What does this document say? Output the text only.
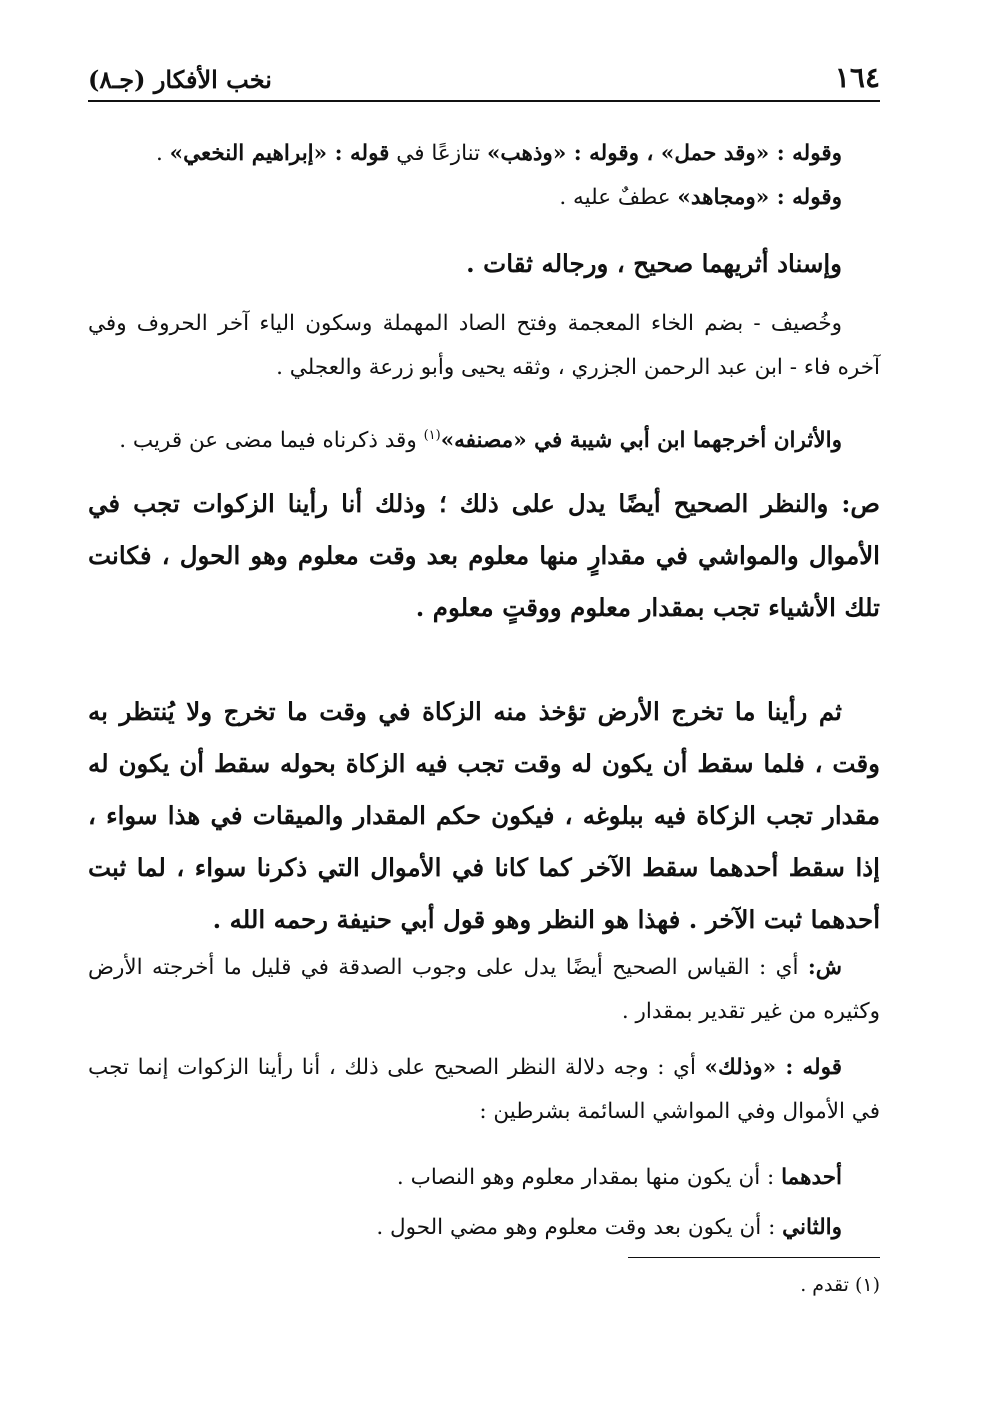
١٦٤
نخب الأفكار (جـ٨)

وقوله : «وقد حمل» ، وقوله : «وذهب» تنازعًا في قوله : «إبراهيم النخعي» .

وقوله : «ومجاهد» عطفٌ عليه .

وإسناد أثريهما صحيح ، ورجاله ثقات .

وخُصيف - بضم الخاء المعجمة وفتح الصاد المهملة وسكون الياء آخر الحروف وفي آخره فاء - ابن عبد الرحمن الجزري ، وثقه يحيى وأبو زرعة والعجلي .

والأثران أخرجهما ابن أبي شيبة في «مصنفه»$^{(١)}$ وقد ذكرناه فيما مضى عن قريب .

ص: والنظر الصحيح أيضًا يدل على ذلك ؛ وذلك أنا رأينا الزكوات تجب في الأموال والمواشي في مقدارٍ منها معلوم بعد وقت معلوم وهو الحول ، فكانت تلك الأشياء تجب بمقدار معلوم ووقتٍ معلوم .

ثم رأينا ما تخرج الأرض تؤخذ منه الزكاة في وقت ما تخرج ولا يُنتظر به وقت ، فلما سقط أن يكون له وقت تجب فيه الزكاة بحوله سقط أن يكون له مقدار تجب الزكاة فيه ببلوغه ، فيكون حكم المقدار والميقات في هذا سواء ، إذا سقط أحدهما سقط الآخر كما كانا في الأموال التي ذكرنا سواء ، لما ثبت أحدهما ثبت الآخر . فهذا هو النظر وهو قول أبي حنيفة رحمه الله .

ش: أي : القياس الصحيح أيضًا يدل على وجوب الصدقة في قليل ما أخرجته الأرض وكثيره من غير تقدير بمقدار .

قوله : «وذلك» أي : وجه دلالة النظر الصحيح على ذلك ، أنا رأينا الزكوات إنما تجب في الأموال وفي المواشي السائمة بشرطين :

أحدهما : أن يكون منها بمقدار معلوم وهو النصاب .

والثاني : أن يكون بعد وقت معلوم وهو مضي الحول .

(١) تقدم .
